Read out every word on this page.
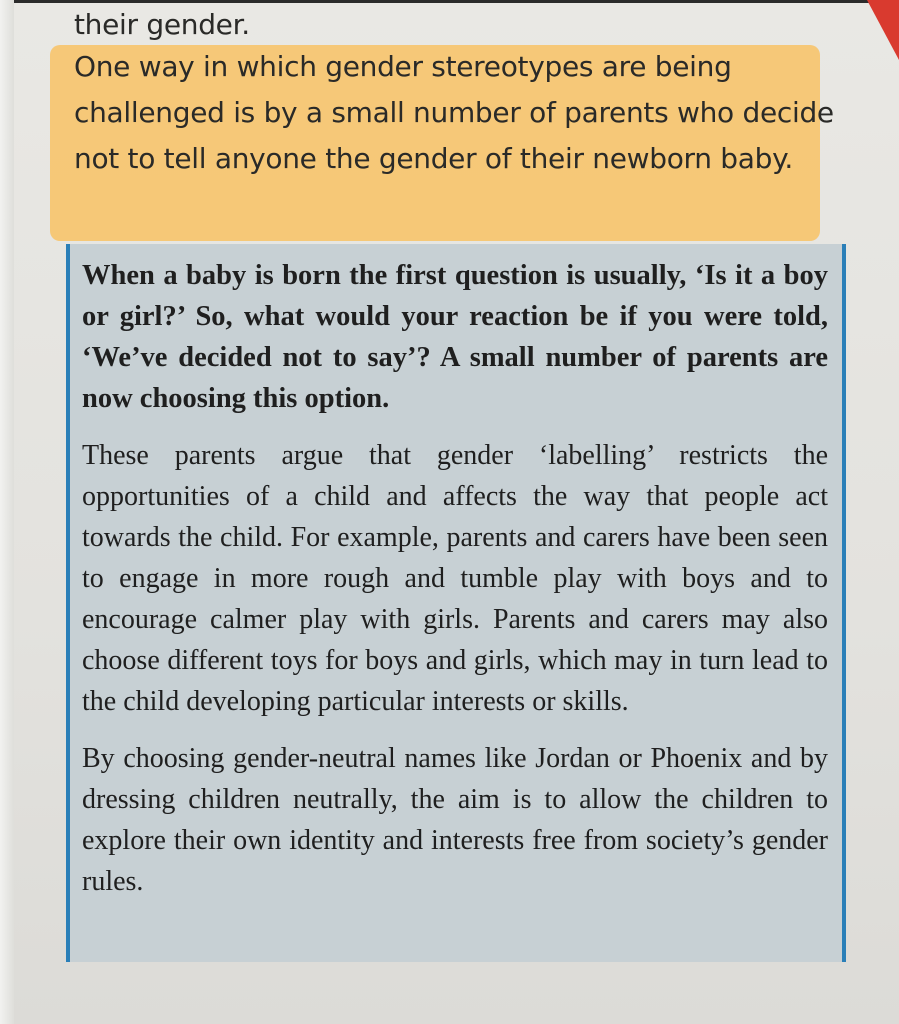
their gender.

One way in which gender stereotypes are being challenged is by a small number of parents who decide not to tell anyone the gender of their newborn baby.

When a baby is born the first question is usually, ‘Is it a boy or girl?’ So, what would your reaction be if you were told, ‘We’ve decided not to say’? A small number of parents are now choosing this option.

These parents argue that gender ‘labelling’ restricts the opportunities of a child and affects the way that people act towards the child. For example, parents and carers have been seen to engage in more rough and tumble play with boys and to encourage calmer play with girls. Parents and carers may also choose different toys for boys and girls, which may in turn lead to the child developing particular interests or skills.

By choosing gender-neutral names like Jordan or Phoenix and by dressing children neutrally, the aim is to allow the children to explore their own identity and interests free from society’s gender rules.
